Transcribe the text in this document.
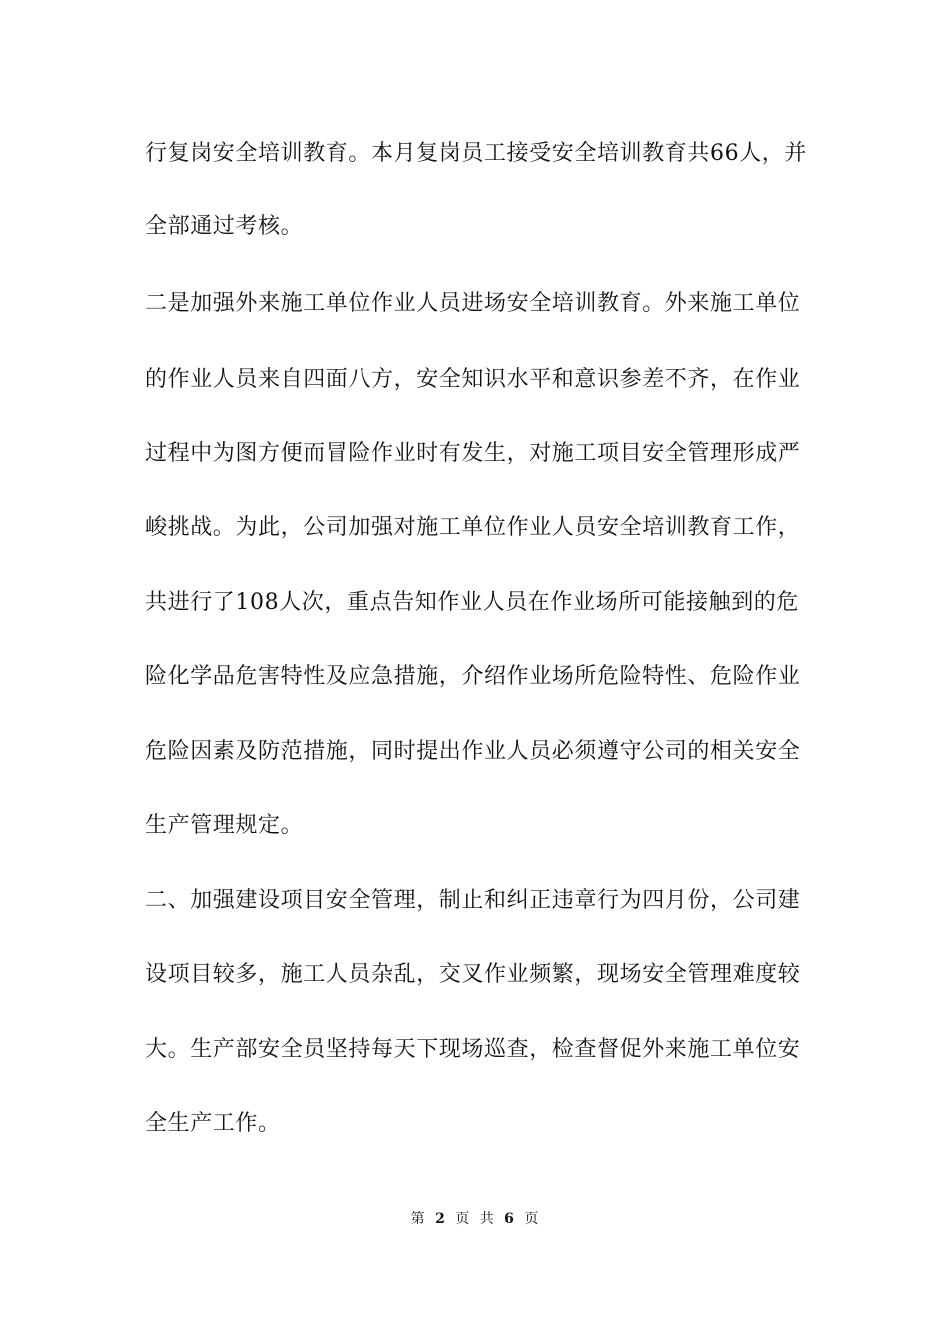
行复岗安全培训教育。本月复岗员工接受安全培训教育共66人，并
全部通过考核。
二是加强外来施工单位作业人员进场安全培训教育。外来施工单位
的作业人员来自四面八方，安全知识水平和意识参差不齐，在作业
过程中为图方便而冒险作业时有发生，对施工项目安全管理形成严
峻挑战。为此，公司加强对施工单位作业人员安全培训教育工作，
共进行了108人次，重点告知作业人员在作业场所可能接触到的危
险化学品危害特性及应急措施，介绍作业场所危险特性、危险作业
危险因素及防范措施，同时提出作业人员必须遵守公司的相关安全
生产管理规定。
二、加强建设项目安全管理，制止和纠正违章行为四月份，公司建
设项目较多，施工人员杂乱，交叉作业频繁，现场安全管理难度较
大。生产部安全员坚持每天下现场巡查，检查督促外来施工单位安
全生产工作。
第 2 页 共 6 页
